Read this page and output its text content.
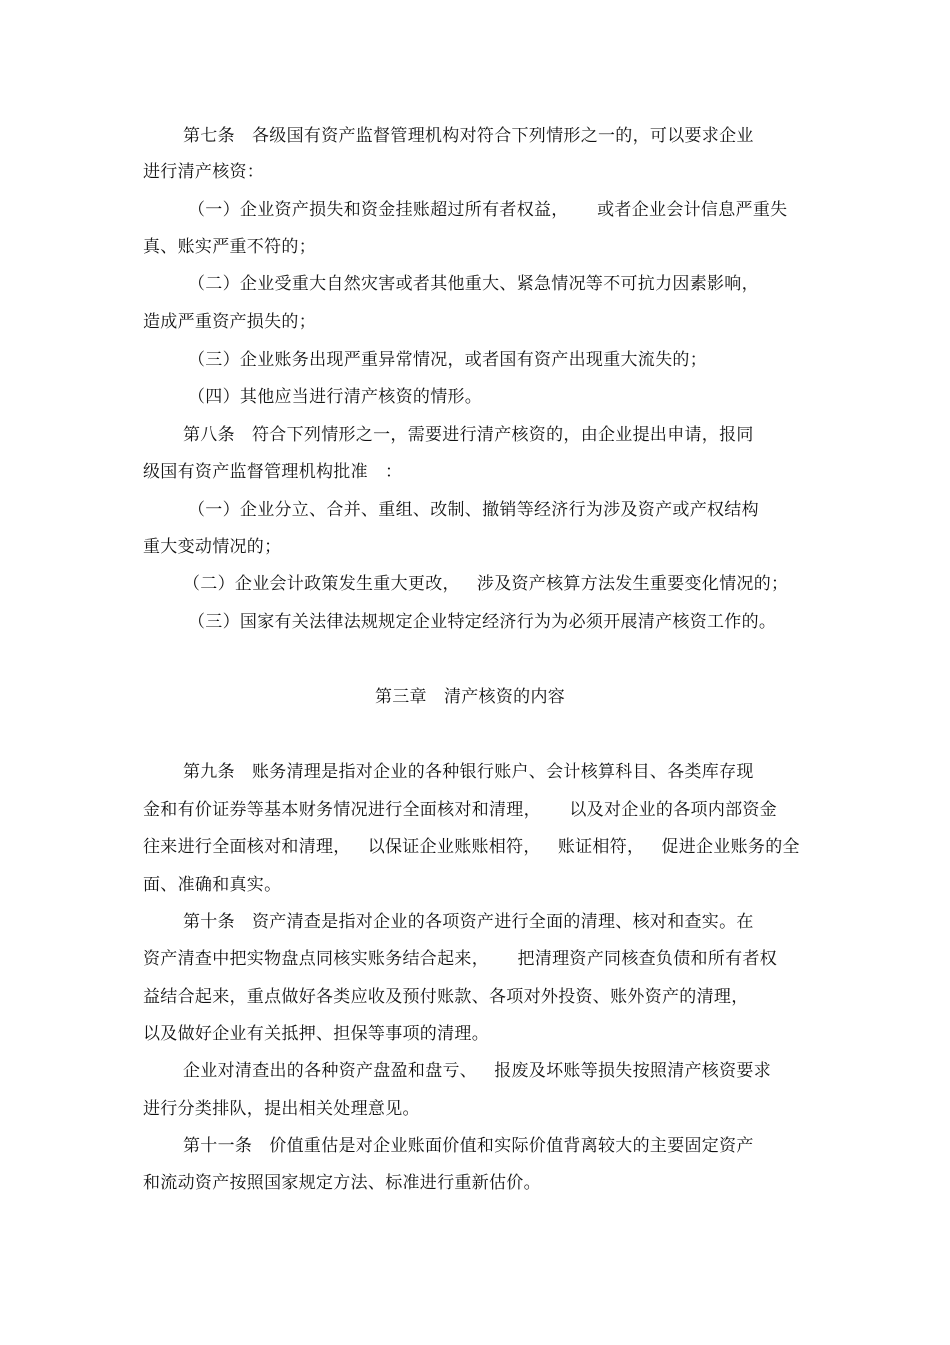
第七条   各级国有资产监督管理机构对符合下列情形之一的，可以要求企业
进行清产核资：
（一）企业资产损失和资金挂账超过所有者权益，     或者企业会计信息严重失
真、账实严重不符的；
（二）企业受重大自然灾害或者其他重大、紧急情况等不可抗力因素影响，
造成严重资产损失的；
（三）企业账务出现严重异常情况，或者国有资产出现重大流失的；
（四）其他应当进行清产核资的情形。
第八条   符合下列情形之一，需要进行清产核资的，由企业提出申请，报同
级国有资产监督管理机构批准   ：
（一）企业分立、合并、重组、改制、撤销等经济行为涉及资产或产权结构
重大变动情况的；
（二）企业会计政策发生重大更改，   涉及资产核算方法发生重要变化情况的；
（三）国家有关法律法规规定企业特定经济行为为必须开展清产核资工作的。
第三章   清产核资的内容
第九条   账务清理是指对企业的各种银行账户、会计核算科目、各类库存现
金和有价证券等基本财务情况进行全面核对和清理，     以及对企业的各项内部资金
往来进行全面核对和清理，   以保证企业账账相符，   账证相符，   促进企业账务的全
面、准确和真实。
第十条   资产清查是指对企业的各项资产进行全面的清理、核对和查实。在
资产清查中把实物盘点同核实账务结合起来，     把清理资产同核查负债和所有者权
益结合起来，重点做好各类应收及预付账款、各项对外投资、账外资产的清理，
以及做好企业有关抵押、担保等事项的清理。
企业对清查出的各种资产盘盈和盘亏、   报废及坏账等损失按照清产核资要求
进行分类排队，提出相关处理意见。
第十一条   价值重估是对企业账面价值和实际价值背离较大的主要固定资产
和流动资产按照国家规定方法、标准进行重新估价。
